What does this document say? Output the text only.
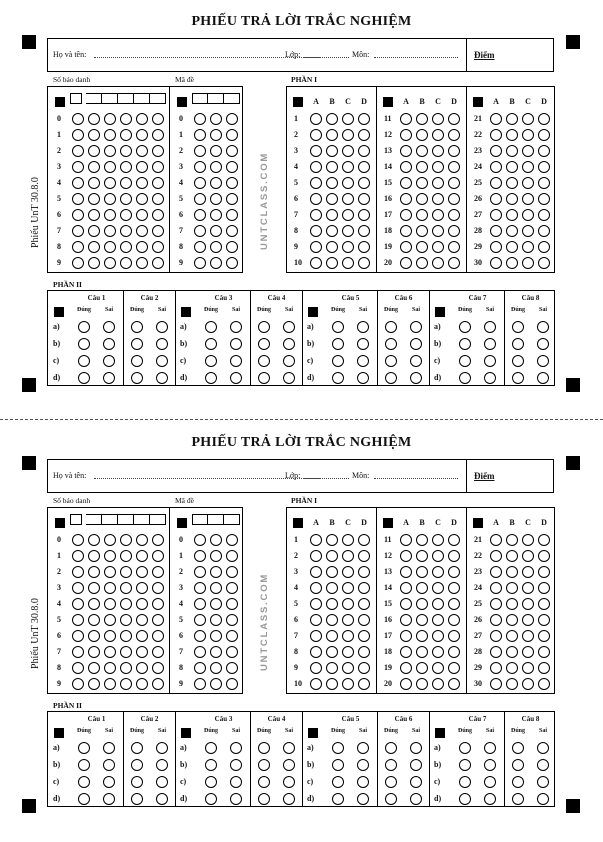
PHIẾU TRẢ LỜI TRẮC NGHIỆM
Họ và tên:	Lớp:	Môn:	Điểm
Số báo danh	Mã đề	PHẦN I
PHẦN II
Phiếu UnT 30.8.0	UNTCLASS.COM
0
1
2
3
4
5
6
7
8
9
0
1
2
3
4
5
6
7
8
9
A	B	C	D
1
2
3
4
5
6
7
8
9
10
A	B	C	D
11
12
13
14
15
16
17
18
19
20
A	B	C	D
21
22
23
24
25
26
27
28
29
30
Câu 1	Câu 2
Đúng	Sai	Đúng	Sai
a)
b)
c)
d)
Câu 3	Câu 4
Đúng	Sai	Đúng	Sai
a)
b)
c)
d)
Câu 5	Câu 6
Đúng	Sai	Đúng	Sai
a)
b)
c)
d)
Câu 7	Câu 8
Đúng	Sai	Đúng	Sai
a)
b)
c)
d)
PHIẾU TRẢ LỜI TRẮC NGHIỆM
Họ và tên:	Lớp:	Môn:	Điểm
Số báo danh	Mã đề	PHẦN I
PHẦN II
Phiếu UnT 30.8.0	UNTCLASS.COM
0
1
2
3
4
5
6
7
8
9
0
1
2
3
4
5
6
7
8
9
A	B	C	D
1
2
3
4
5
6
7
8
9
10
A	B	C	D
11
12
13
14
15
16
17
18
19
20
A	B	C	D
21
22
23
24
25
26
27
28
29
30
Câu 1	Câu 2
Đúng	Sai	Đúng	Sai
a)
b)
c)
d)
Câu 3	Câu 4
Đúng	Sai	Đúng	Sai
a)
b)
c)
d)
Câu 5	Câu 6
Đúng	Sai	Đúng	Sai
a)
b)
c)
d)
Câu 7	Câu 8
Đúng	Sai	Đúng	Sai
a)
b)
c)
d)
